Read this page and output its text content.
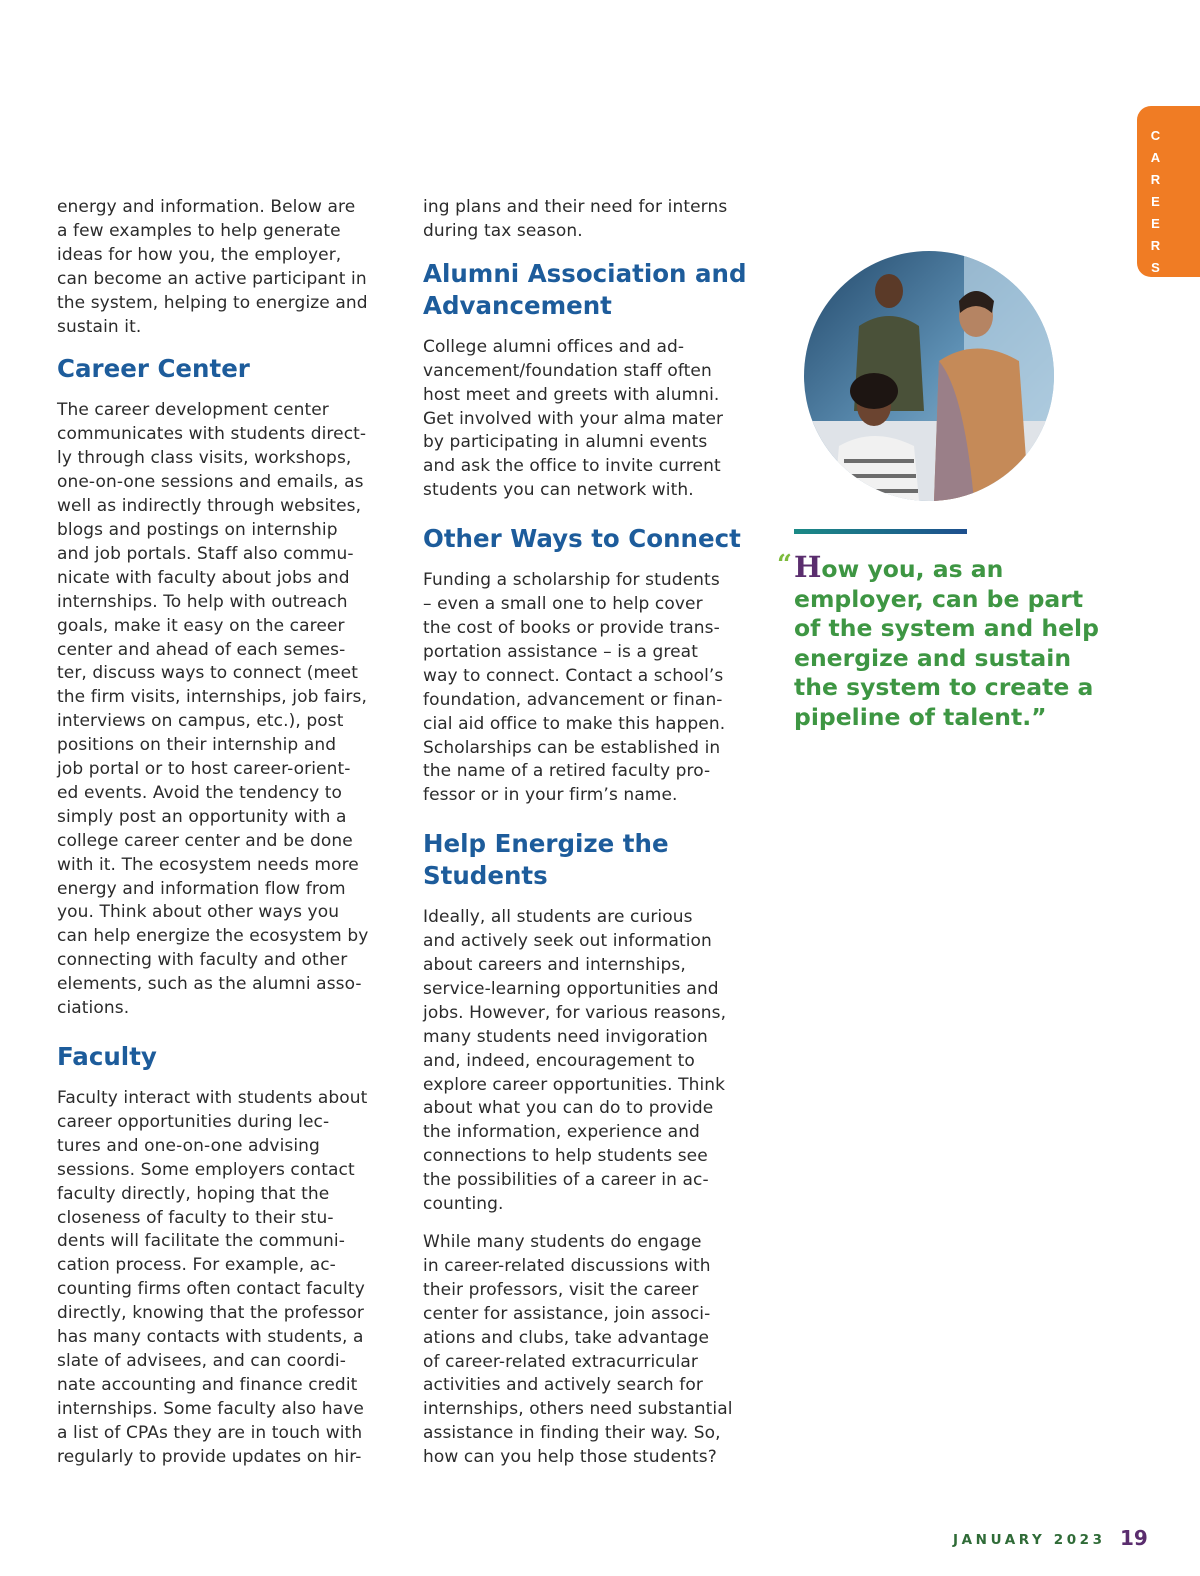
CAREERS

energy and information. Below are
a few examples to help generate
ideas for how you, the employer,
can become an active participant in
the system, helping to energize and
sustain it.

Career Center

The career development center
communicates with students direct-
ly through class visits, workshops,
one-on-one sessions and emails, as
well as indirectly through websites,
blogs and postings on internship
and job portals. Staff also commu-
nicate with faculty about jobs and
internships. To help with outreach
goals, make it easy on the career
center and ahead of each semes-
ter, discuss ways to connect (meet
the firm visits, internships, job fairs,
interviews on campus, etc.), post
positions on their internship and
job portal or to host career-orient-
ed events. Avoid the tendency to
simply post an opportunity with a
college career center and be done
with it. The ecosystem needs more
energy and information flow from
you. Think about other ways you
can help energize the ecosystem by
connecting with faculty and other
elements, such as the alumni asso-
ciations.

Faculty

Faculty interact with students about
career opportunities during lec-
tures and one-on-one advising
sessions. Some employers contact
faculty directly, hoping that the
closeness of faculty to their stu-
dents will facilitate the communi-
cation process. For example, ac-
counting firms often contact faculty
directly, knowing that the professor
has many contacts with students, a
slate of advisees, and can coordi-
nate accounting and finance credit
internships. Some faculty also have
a list of CPAs they are in touch with
regularly to provide updates on hir-

ing plans and their need for interns
during tax season.

Alumni Association and
Advancement

College alumni offices and ad-
vancement/foundation staff often
host meet and greets with alumni.
Get involved with your alma mater
by participating in alumni events
and ask the office to invite current
students you can network with.

Other Ways to Connect

Funding a scholarship for students
– even a small one to help cover
the cost of books or provide trans-
portation assistance – is a great
way to connect. Contact a school’s
foundation, advancement or finan-
cial aid office to make this happen.
Scholarships can be established in
the name of a retired faculty pro-
fessor or in your firm’s name.

Help Energize the
Students

Ideally, all students are curious
and actively seek out information
about careers and internships,
service-learning opportunities and
jobs. However, for various reasons,
many students need invigoration
and, indeed, encouragement to
explore career opportunities. Think
about what you can do to provide
the information, experience and
connections to help students see
the possibilities of a career in ac-
counting.

While many students do engage
in career-related discussions with
their professors, visit the career
center for assistance, join associ-
ations and clubs, take advantage
of career-related extracurricular
activities and actively search for
internships, others need substantial
assistance in finding their way. So,
how can you help those students?

“ How you, as an
employer, can be part
of the system and help
energize and sustain
the system to create a
pipeline of talent.”

JANUARY 2023 19
